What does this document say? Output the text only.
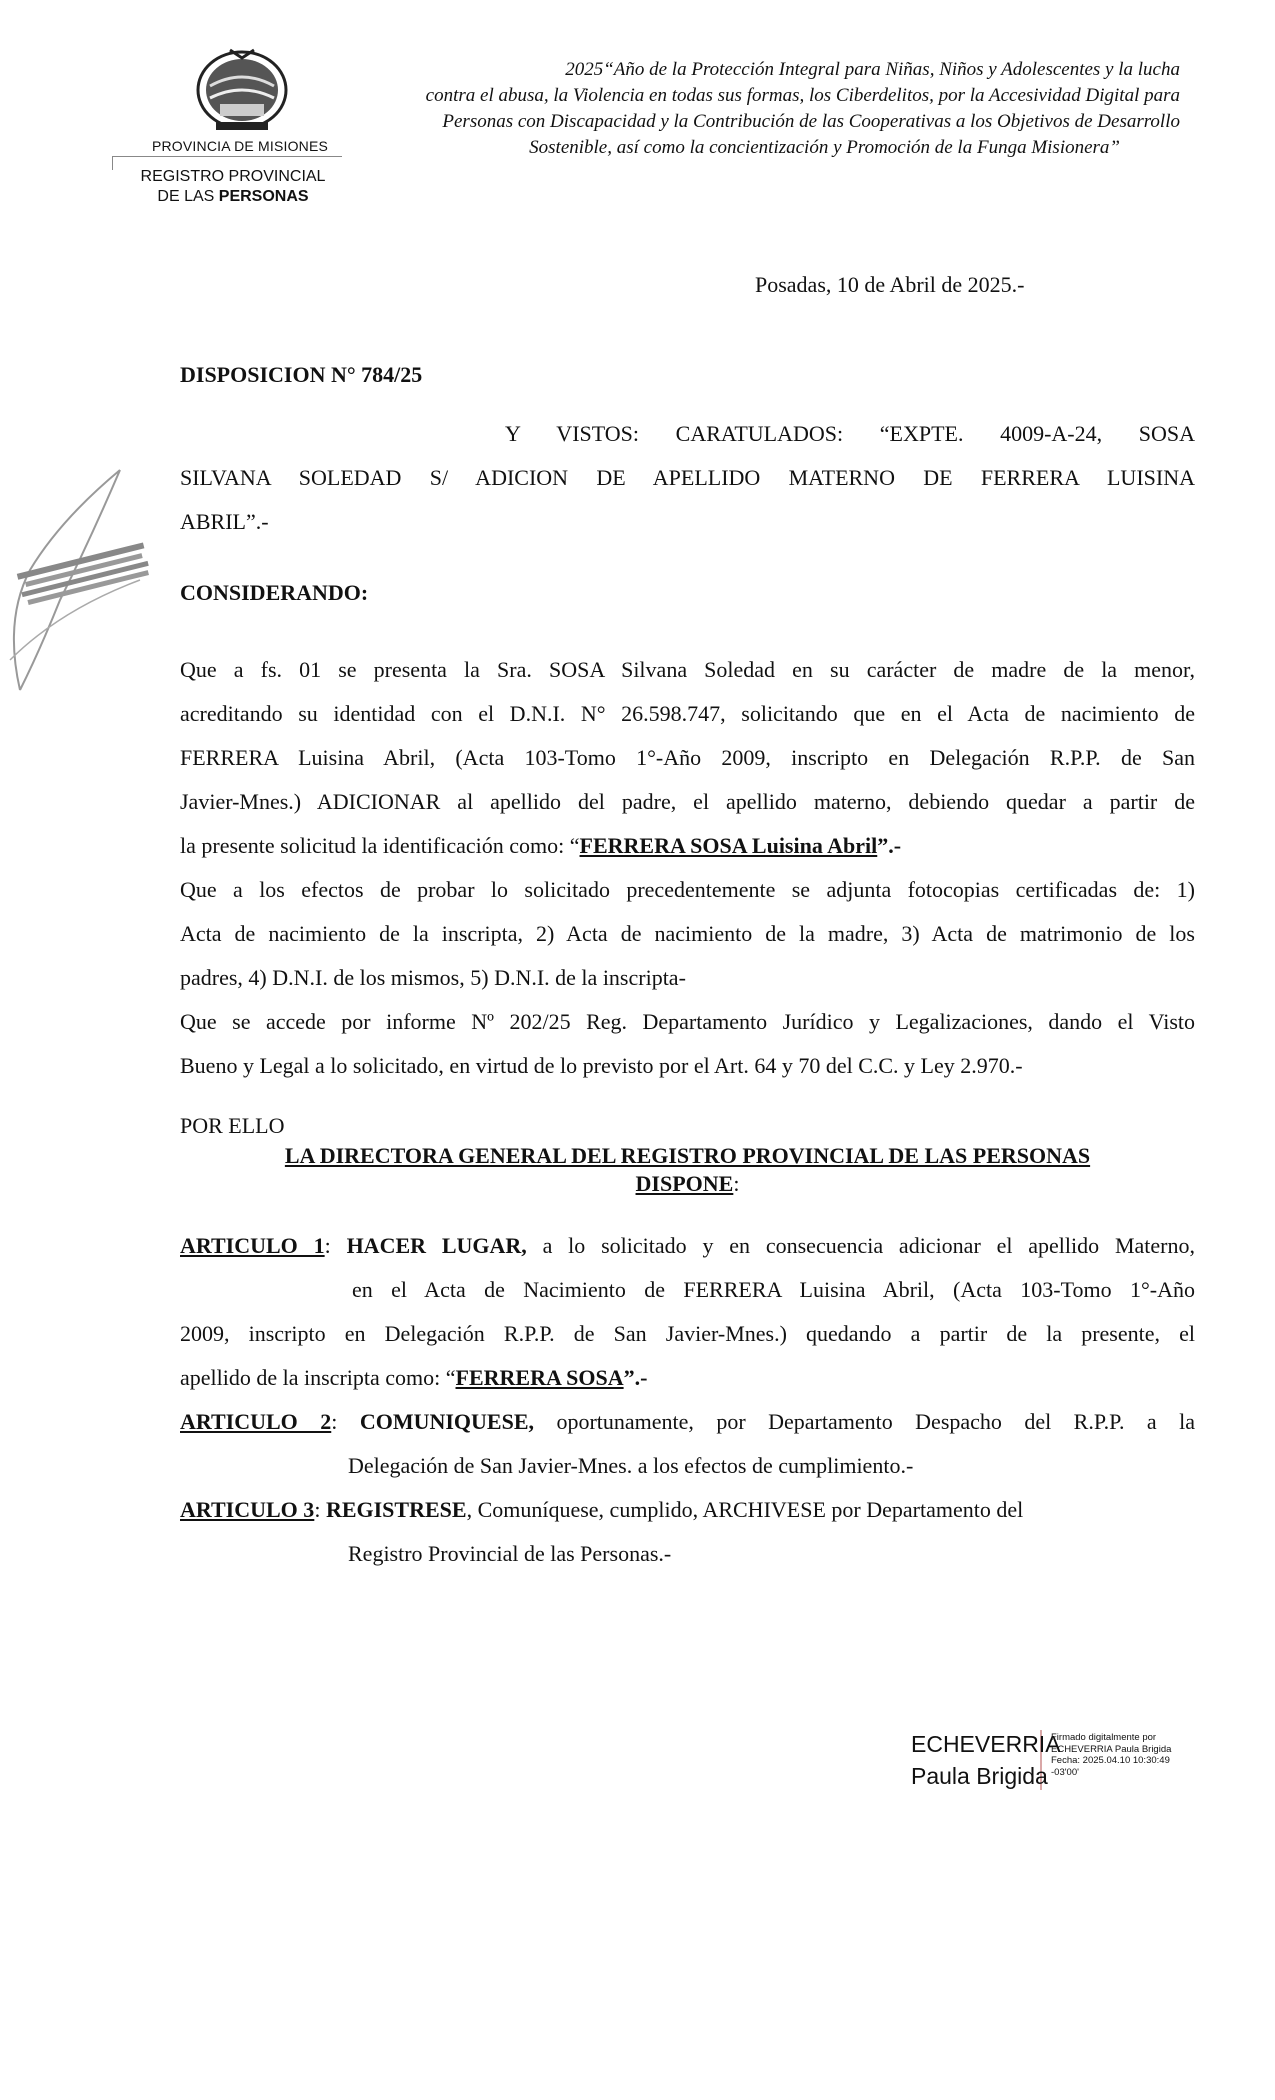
PROVINCIA DE MISIONES
REGISTRO PROVINCIAL
DE LAS PERSONAS
2025“Año de la Protección Integral para Niñas, Niños y Adolescentes y la lucha
contra el abusa, la Violencia en todas sus formas, los Ciberdelitos, por la Accesividad Digital para
Personas con Discapacidad y la Contribución de las Cooperativas a los Objetivos de Desarrollo
Sostenible, así como la concientización y Promoción de la Funga Misionera”
Posadas, 10 de Abril de 2025.-
DISPOSICION N° 784/25
Y VISTOS: CARATULADOS: “EXPTE. 4009-A-24, SOSA
SILVANA SOLEDAD S/ ADICION DE APELLIDO MATERNO DE FERRERA LUISINA
ABRIL”.-
CONSIDERANDO:
Que a fs. 01 se presenta la Sra. SOSA Silvana Soledad en su carácter de madre de la menor,
acreditando su identidad con el D.N.I. N° 26.598.747, solicitando que en el Acta de nacimiento de
FERRERA Luisina Abril, (Acta 103-Tomo 1°-Año 2009, inscripto en Delegación R.P.P. de San
Javier-Mnes.) ADICIONAR al apellido del padre, el apellido materno, debiendo quedar a partir de
la presente solicitud la identificación como: “FERRERA SOSA Luisina Abril”.-
Que a los efectos de probar lo solicitado precedentemente se adjunta fotocopias certificadas de: 1)
Acta de nacimiento de la inscripta, 2) Acta de nacimiento de la madre, 3) Acta de matrimonio de los
padres, 4) D.N.I. de los mismos, 5) D.N.I. de la inscripta-
Que se accede por informe Nº 202/25 Reg. Departamento Jurídico y Legalizaciones, dando el Visto
Bueno y Legal a lo solicitado, en virtud de lo previsto por el Art. 64 y 70 del C.C. y Ley 2.970.-
POR ELLO
LA DIRECTORA GENERAL DEL REGISTRO PROVINCIAL DE LAS PERSONAS
DISPONE:
ARTICULO 1: HACER LUGAR, a lo solicitado y en consecuencia adicionar el apellido Materno,
en el Acta de Nacimiento de FERRERA Luisina Abril, (Acta 103-Tomo 1°-Año
2009, inscripto en Delegación R.P.P. de San Javier-Mnes.) quedando a partir de la presente, el
apellido de la inscripta como: “FERRERA SOSA”.-
ARTICULO 2: COMUNIQUESE, oportunamente, por Departamento Despacho del R.P.P. a la
Delegación de San Javier-Mnes. a los efectos de cumplimiento.-
ARTICULO 3: REGISTRESE, Comuníquese, cumplido, ARCHIVESE por Departamento del
Registro Provincial de las Personas.-
ECHEVERRIA
Paula Brigida
Firmado digitalmente por
ECHEVERRIA Paula Brigida
Fecha: 2025.04.10 10:30:49
-03'00'
